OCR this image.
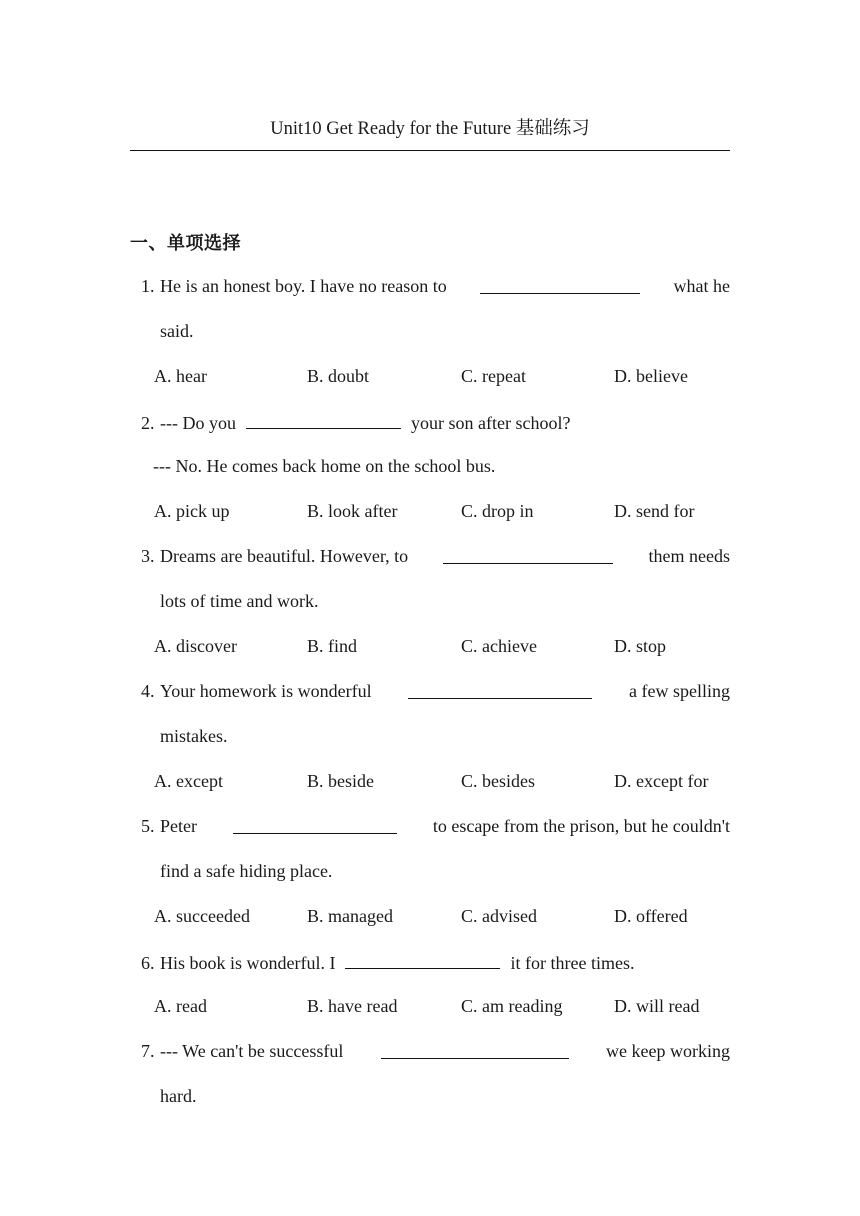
Unit10 Get Ready for the Future 基础练习
一、单项选择
1. He is an honest boy. I have no reason to	what he
said.
A. hear	B. doubt	C. repeat	D. believe
2. --- Do you	your son after school?
--- No. He comes back home on the school bus.
A. pick up	B. look after	C. drop in	D. send for
3. Dreams are beautiful. However, to	them needs
lots of time and work.
A. discover	B. find	C. achieve	D. stop
4. Your homework is wonderful	a few spelling
mistakes.
A. except	B. beside	C. besides	D. except for
5. Peter	to escape from the prison, but he couldn't
find a safe hiding place.
A. succeeded	B. managed	C. advised	D. offered
6. His book is wonderful. I	it for three times.
A. read	B. have read	C. am reading	D. will read
7. --- We can't be successful	we keep working
hard.
